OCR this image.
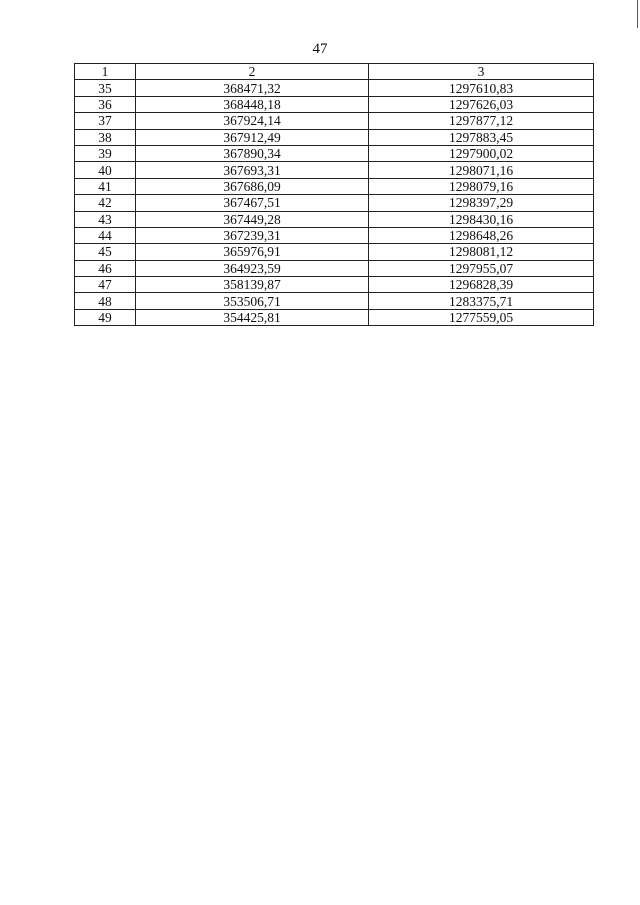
47
1	2	3
35	368471,32	1297610,83
36	368448,18	1297626,03
37	367924,14	1297877,12
38	367912,49	1297883,45
39	367890,34	1297900,02
40	367693,31	1298071,16
41	367686,09	1298079,16
42	367467,51	1298397,29
43	367449,28	1298430,16
44	367239,31	1298648,26
45	365976,91	1298081,12
46	364923,59	1297955,07
47	358139,87	1296828,39
48	353506,71	1283375,71
49	354425,81	1277559,05
